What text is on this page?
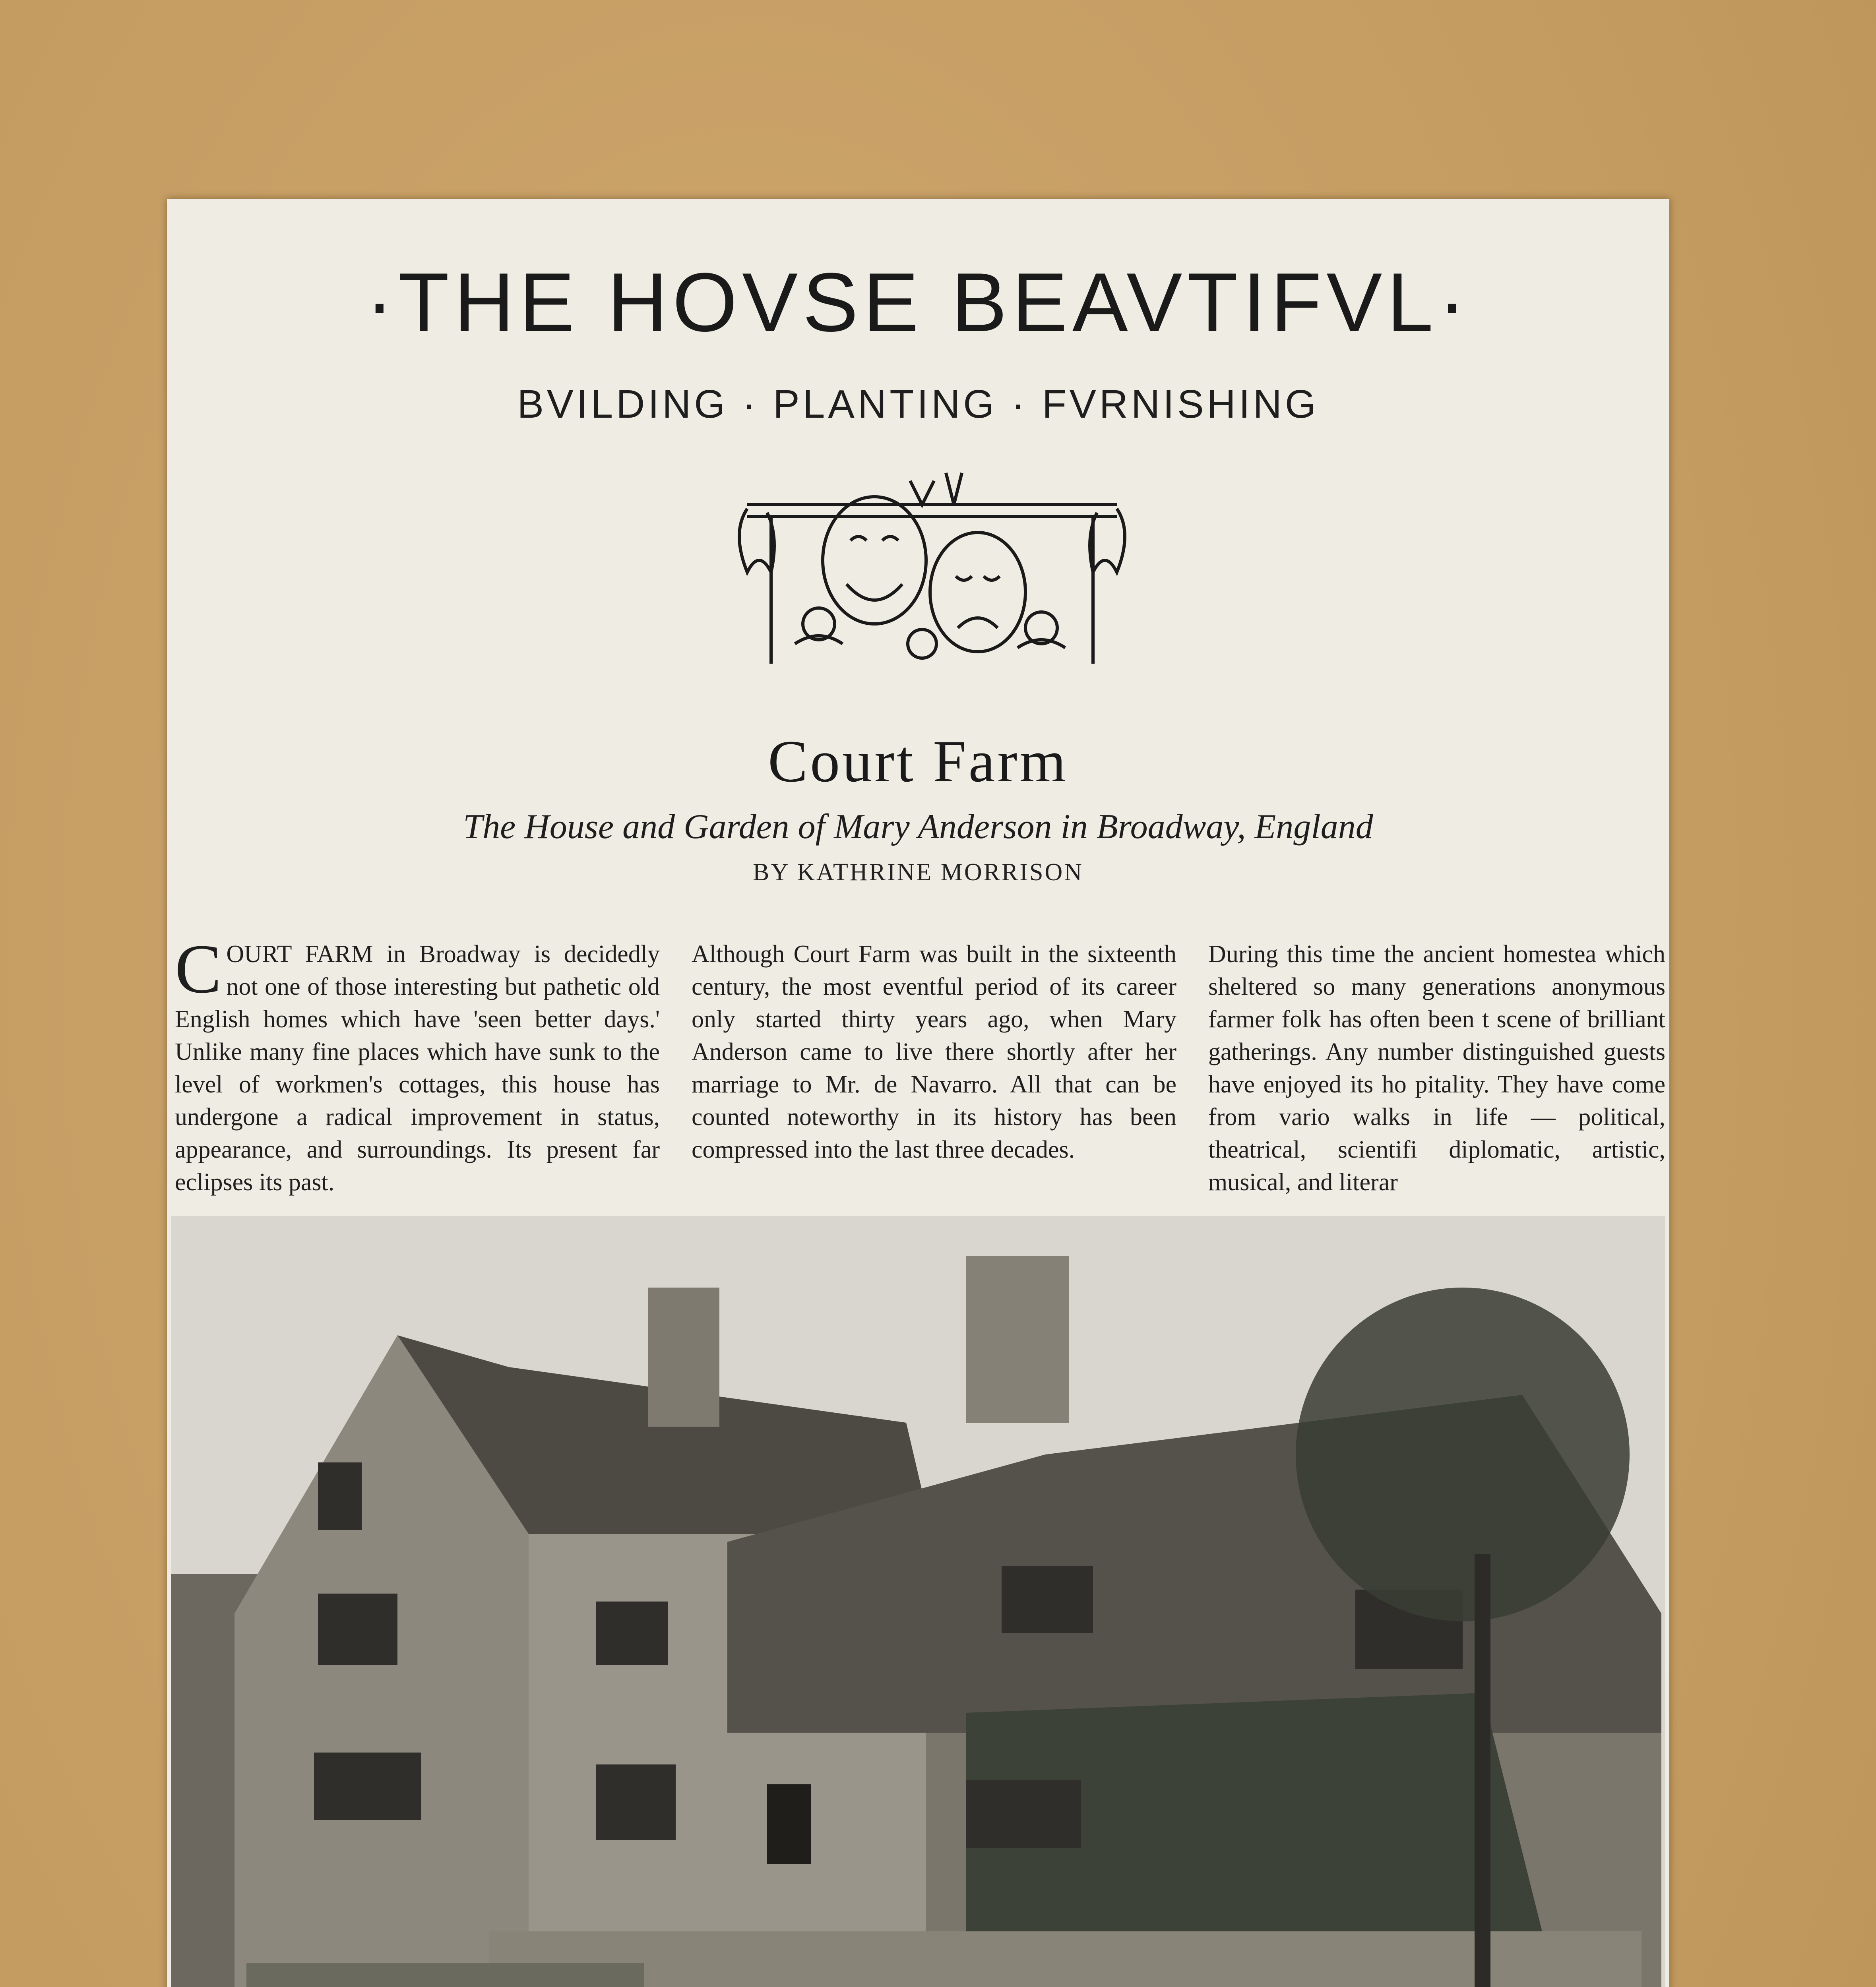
·THE HOVSE BEAVTIFVL·
BVILDING · PLANTING · FVRNISHING
Court Farm
The House and Garden of Mary Anderson in Broadway, England
BY KATHRINE MORRISON
C OURT FARM in Broadway is decidedly not one of those interesting but pathetic old English homes which have 'seen better days.' Unlike many fine places which have sunk to the level of workmen's cottages, this house has undergone a radical improvement in status, appearance, and surroundings. Its present far eclipses its past.

Although Court Farm was built in the sixteenth century, the most eventful period of its career only started thirty years ago, when Mary Anderson came to live there shortly after her marriage to Mr. de Navarro. All that can be counted noteworthy in its history has been compressed into the last three decades.

During this time the ancient homestea which sheltered so many generations anonymous farmer folk has often been t scene of brilliant gatherings. Any number distinguished guests have enjoyed its ho pitality. They have come from vario walks in life — political, theatrical, scientifi diplomatic, artistic, musical, and literar
